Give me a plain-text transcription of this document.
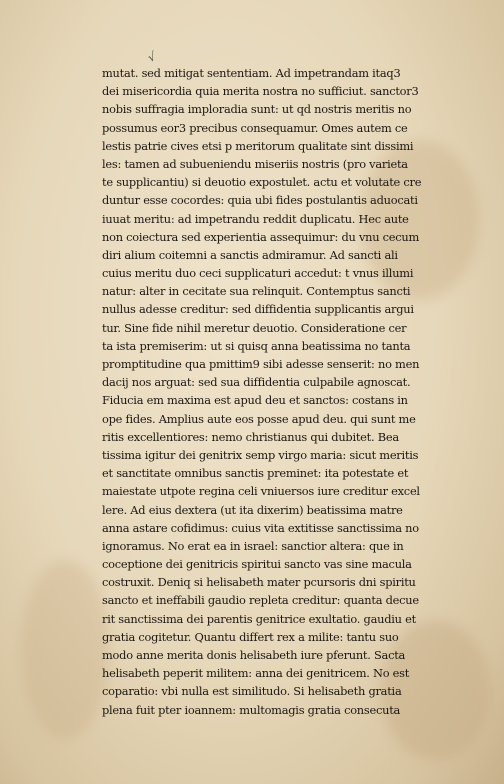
√
mutat. sed mitigat sententiam. Ad impetrandam itaq3
dei misericordia quia merita nostra no sufficiut. sanctor3
nobis suffragia imploradia sunt: ut qd nostris meritis no
possumus eor3 precibus consequamur. Omes autem ce
lestis patrie cives etsi p meritorum qualitate sint dissimi
les: tamen ad subueniendu miseriis nostris (pro varieta
te supplicantiu) si deuotio expostulet. actu et volutate cre
duntur esse cocordes: quia ubi fides postulantis aduocati
iuuat meritu: ad impetrandu reddit duplicatu. Hec aute
non coiectura sed experientia assequimur: du vnu cecum
diri alium coitemni a sanctis admiramur. Ad sancti ali
cuius meritu duo ceci supplicaturi accedut: t vnus illumi
natur: alter in cecitate sua relinquit. Contemptus sancti
nullus adesse creditur: sed diffidentia supplicantis argui
tur. Sine fide nihil meretur deuotio. Consideratione cer
ta ista premiserim: ut si quisq anna beatissima no tanta
promptitudine qua pmittim9 sibi adesse senserit: no men
dacij nos arguat: sed sua diffidentia culpabile agnoscat.
Fiducia em maxima est apud deu et sanctos: costans in
ope fides. Amplius aute eos posse apud deu. qui sunt me
ritis excellentiores: nemo christianus qui dubitet. Bea
tissima igitur dei genitrix semp virgo maria: sicut meritis
et sanctitate omnibus sanctis preminet: ita potestate et
maiestate utpote regina celi vniuersos iure creditur excel
lere. Ad eius dextera (ut ita dixerim) beatissima matre
anna astare cofidimus: cuius vita extitisse sanctissima no
ignoramus. No erat ea in israel: sanctior altera: que in
coceptione dei genitricis spiritui sancto vas sine macula
costruxit. Deniq si helisabeth mater pcursoris dni spiritu
sancto et ineffabili gaudio repleta creditur: quanta decue
rit sanctissima dei parentis genitrice exultatio. gaudiu et
gratia cogitetur. Quantu differt rex a milite: tantu suo
modo anne merita donis helisabeth iure pferunt. Sacta
helisabeth peperit militem: anna dei genitricem. No est
coparatio: vbi nulla est similitudo. Si helisabeth gratia
plena fuit pter ioannem: multomagis gratia consecuta
